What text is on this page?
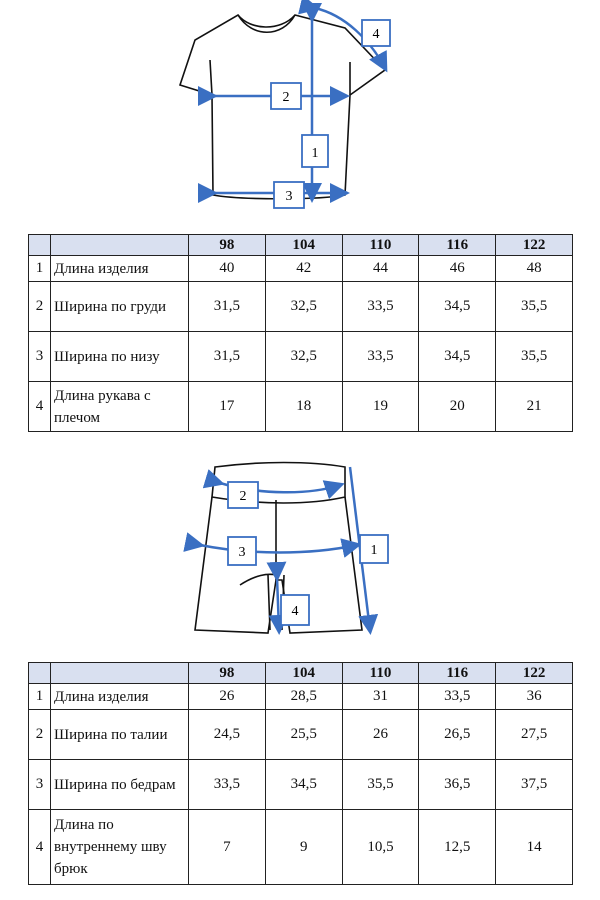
1
2
3
4
		98	104	110	116	122
1	Длина изделия	40	42	44	46	48
2	Ширина по груди	31,5	32,5	33,5	34,5	35,5
3	Ширина по низу	31,5	32,5	33,5	34,5	35,5
4	Длина рукава с плечом	17	18	19	20	21
1
2
3
4
		98	104	110	116	122
1	Длина изделия	26	28,5	31	33,5	36
2	Ширина по талии	24,5	25,5	26	26,5	27,5
3	Ширина по бедрам	33,5	34,5	35,5	36,5	37,5
4	Длина по внутреннему шву брюк	7	9	10,5	12,5	14
